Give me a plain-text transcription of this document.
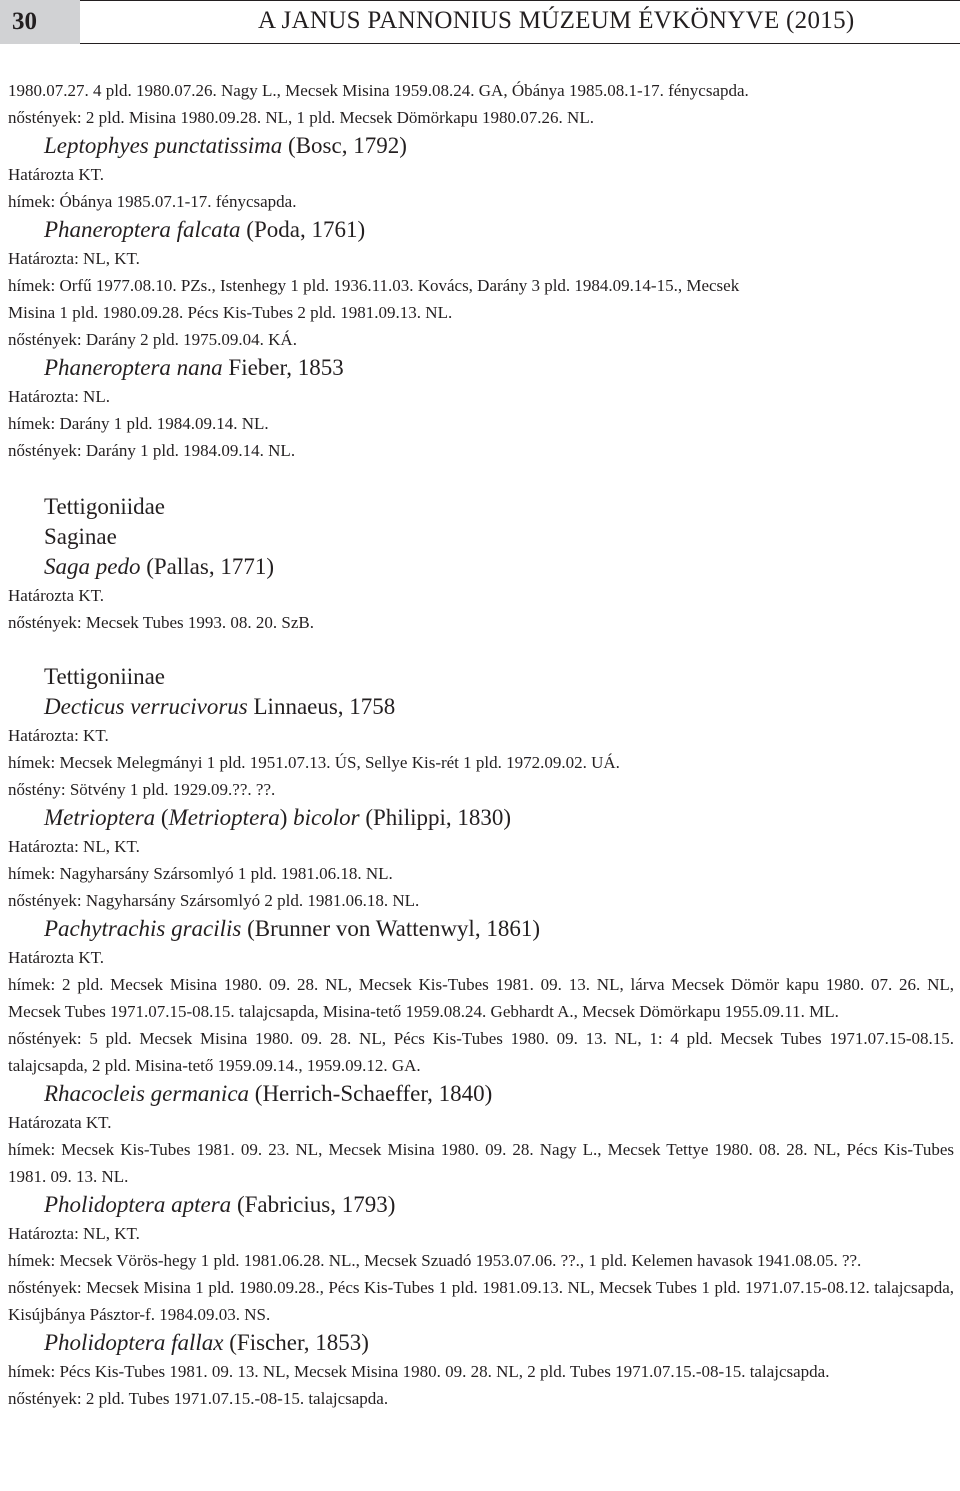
30	A JANUS PANNONIUS MÚZEUM ÉVKÖNYVE (2015)
1980.07.27. 4 pld. 1980.07.26. Nagy L., Mecsek Misina 1959.08.24. GA, Óbánya 1985.08.1-17. fénycsapda.
nőstények: 2 pld. Misina 1980.09.28. NL, 1 pld. Mecsek Dömörkapu 1980.07.26. NL.
Leptophyes punctatissima (Bosc, 1792)
Határozta KT.
hímek: Óbánya 1985.07.1-17. fénycsapda.
Phaneroptera falcata (Poda, 1761)
Határozta: NL, KT.
hímek: Orfű 1977.08.10. PZs., Istenhegy 1 pld. 1936.11.03. Kovács, Darány 3 pld. 1984.09.14-15., Mecsek
Misina 1 pld. 1980.09.28. Pécs Kis-Tubes 2 pld. 1981.09.13. NL.
nőstények: Darány 2 pld. 1975.09.04. KÁ.
Phaneroptera nana Fieber, 1853
Határozta: NL.
hímek: Darány 1 pld. 1984.09.14. NL.
nőstények: Darány 1 pld. 1984.09.14. NL.
Tettigoniidae
Saginae
Saga pedo (Pallas, 1771)
Határozta KT.
nőstények: Mecsek Tubes 1993. 08. 20. SzB.
Tettigoniinae
Decticus verrucivorus Linnaeus, 1758
Határozta: KT.
hímek: Mecsek Melegmányi 1 pld. 1951.07.13. ÚS, Sellye Kis-rét 1 pld. 1972.09.02. UÁ.
nőstény: Sötvény 1 pld. 1929.09.??. ??.
Metrioptera (Metrioptera) bicolor (Philippi, 1830)
Határozta: NL, KT.
hímek: Nagyharsány Szársomlyó 1 pld. 1981.06.18. NL.
nőstények: Nagyharsány Szársomlyó 2 pld. 1981.06.18. NL.
Pachytrachis gracilis (Brunner von Wattenwyl, 1861)
Határozta KT.
hímek: 2 pld. Mecsek Misina 1980. 09. 28. NL, Mecsek Kis-Tubes 1981. 09. 13. NL, lárva Mecsek Dömör kapu 1980. 07. 26. NL, Mecsek Tubes 1971.07.15-08.15. talajcsapda, Misina-tető 1959.08.24. Gebhardt A., Mecsek Dömörkapu 1955.09.11. ML.
nőstények: 5 pld. Mecsek Misina 1980. 09. 28. NL, Pécs Kis-Tubes 1980. 09. 13. NL, 1: 4 pld. Mecsek Tubes 1971.07.15-08.15. talajcsapda, 2 pld. Misina-tető 1959.09.14., 1959.09.12. GA.
Rhacocleis germanica (Herrich-Schaeffer, 1840)
Határozata KT.
hímek: Mecsek Kis-Tubes 1981. 09. 23. NL, Mecsek Misina 1980. 09. 28. Nagy L., Mecsek Tettye 1980. 08. 28. NL, Pécs Kis-Tubes 1981. 09. 13. NL.
Pholidoptera aptera (Fabricius, 1793)
Határozta: NL, KT.
hímek: Mecsek Vörös-hegy 1 pld. 1981.06.28. NL., Mecsek Szuadó 1953.07.06. ??., 1 pld. Kelemen havasok 1941.08.05. ??.
nőstények: Mecsek Misina 1 pld. 1980.09.28., Pécs Kis-Tubes 1 pld. 1981.09.13. NL, Mecsek Tubes 1 pld. 1971.07.15-08.12. talajcsapda, Kisújbánya Pásztor-f. 1984.09.03. NS.
Pholidoptera fallax (Fischer, 1853)
hímek: Pécs Kis-Tubes 1981. 09. 13. NL, Mecsek Misina 1980. 09. 28. NL, 2 pld. Tubes 1971.07.15.-08-15. talajcsapda.
nőstények: 2 pld. Tubes 1971.07.15.-08-15. talajcsapda.
